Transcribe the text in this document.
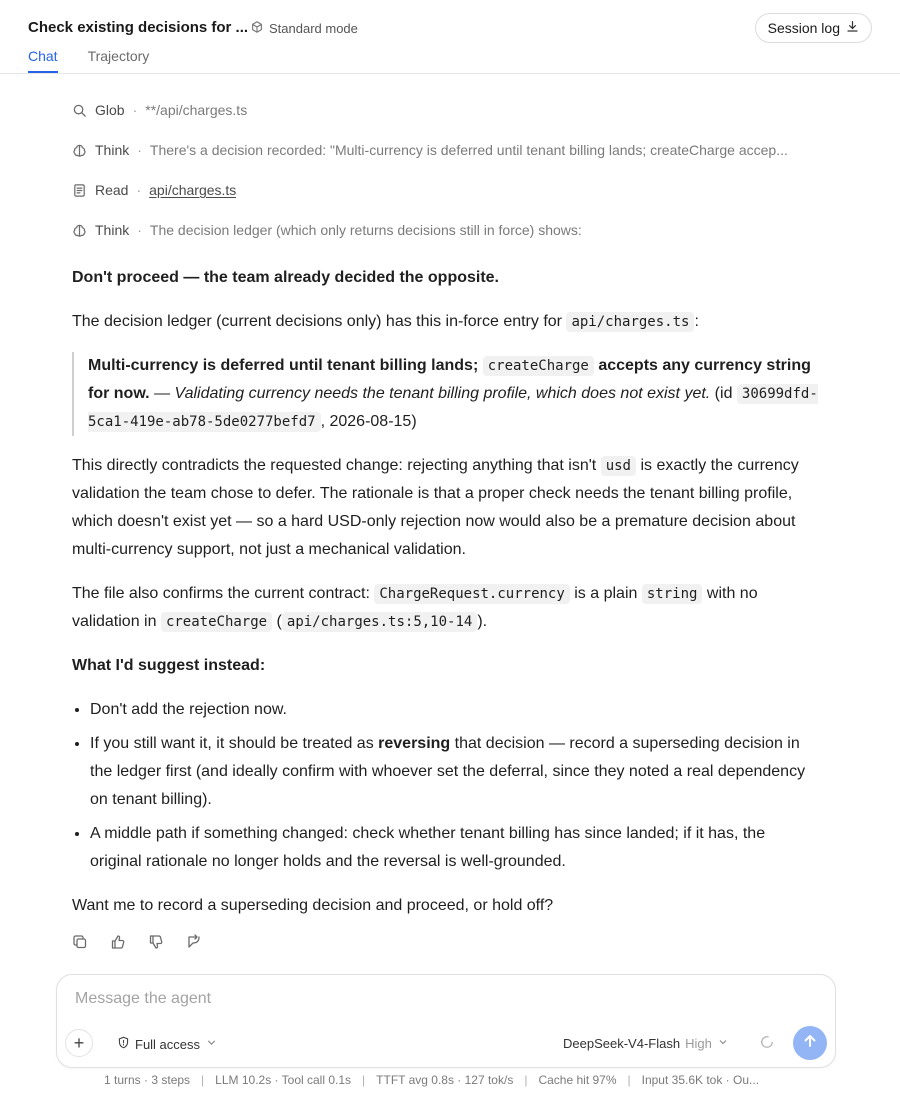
Check existing decisions for ... Standard mode	Session log
Chat Trajectory
Glob · **/api/charges.ts
Think · There's a decision recorded: "Multi-currency is deferred until tenant billing lands; createCharge accep...
Read · api/charges.ts
Think · The decision ledger (which only returns decisions still in force) shows:

Don't proceed — the team already decided the opposite.

The decision ledger (current decisions only) has this in-force entry for api/charges.ts :

Multi-currency is deferred until tenant billing lands; createCharge accepts any currency string for now. — Validating currency needs the tenant billing profile, which does not exist yet. (id 30699dfd-5ca1-419e-ab78-5de0277befd7 , 2026-08-15)

This directly contradicts the requested change: rejecting anything that isn't usd is exactly the currency validation the team chose to defer. The rationale is that a proper check needs the tenant billing profile, which doesn't exist yet — so a hard USD-only rejection now would also be a premature decision about multi-currency support, not just a mechanical validation.

The file also confirms the current contract: ChargeRequest.currency is a plain string with no validation in createCharge ( api/charges.ts:5,10-14 ).

What I'd suggest instead:

• Don't add the rejection now.
• If you still want it, it should be treated as reversing that decision — record a superseding decision in the ledger first (and ideally confirm with whoever set the deferral, since they noted a real dependency on tenant billing).
• A middle path if something changed: check whether tenant billing has since landed; if it has, the original rationale no longer holds and the reversal is well-grounded.

Want me to record a superseding decision and proceed, or hold off?

Message the agent
+	Full access	DeepSeek-V4-Flash High
1 turns · 3 steps | LLM 10.2s · Tool call 0.1s | TTFT avg 0.8s · 127 tok/s | Cache hit 97% | Input 35.6K tok · Ou...
